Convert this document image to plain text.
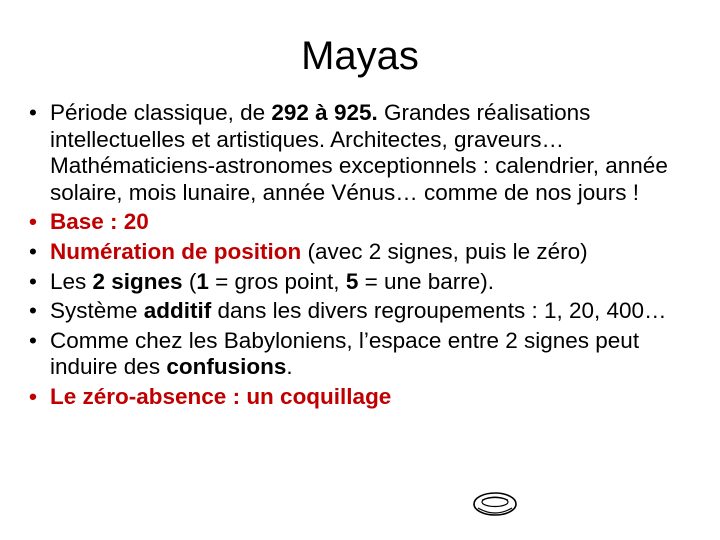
Mayas
• Période classique, de 292 à 925. Grandes réalisations intellectuelles et artistiques. Architectes, graveurs… Mathématiciens-astronomes exceptionnels : calendrier, année solaire, mois lunaire, année Vénus… comme de nos jours !
• Base : 20
• Numération de position (avec 2 signes, puis le zéro)
• Les 2 signes (1 = gros point, 5 = une barre).
• Système additif dans les divers regroupements : 1, 20, 400…
• Comme chez les Babyloniens, l’espace entre 2 signes peut induire des confusions.
• Le zéro-absence : un coquillage
